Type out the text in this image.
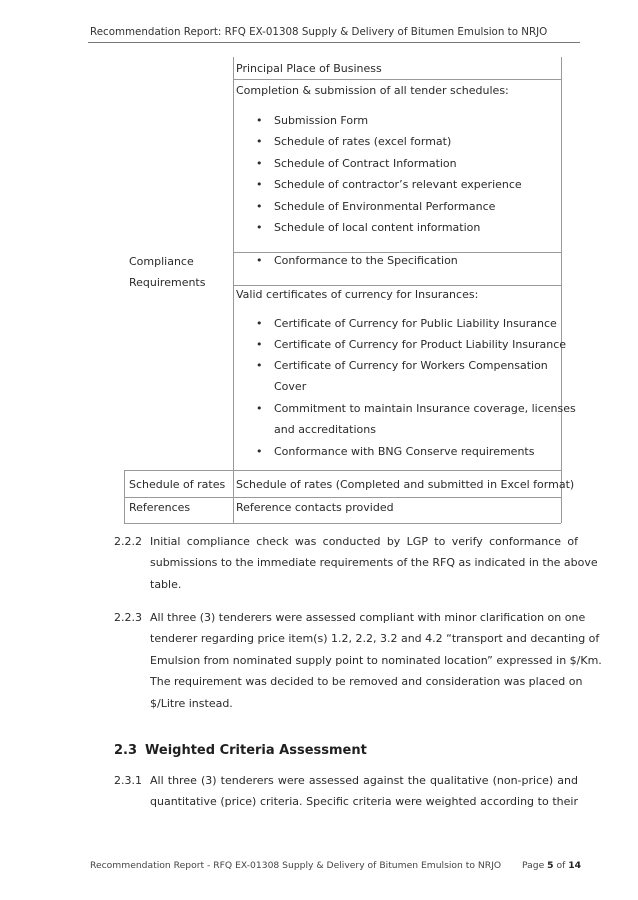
Recommendation Report: RFQ EX-01308 Supply & Delivery of Bitumen Emulsion to NRJO
Principal Place of Business
Completion & submission of all tender schedules:
• Submission Form
• Schedule of rates (excel format)
• Schedule of Contract Information
• Schedule of contractor’s relevant experience
• Schedule of Environmental Performance
• Schedule of local content information
Compliance
Requirements
• Conformance to the Specification
Valid certificates of currency for Insurances:
• Certificate of Currency for Public Liability Insurance
• Certificate of Currency for Product Liability Insurance
• Certificate of Currency for Workers Compensation
Cover
• Commitment to maintain Insurance coverage, licenses
and accreditations
• Conformance with BNG Conserve requirements
Schedule of rates Schedule of rates (Completed and submitted in Excel format)
References	Reference contacts provided
2.2.2 Initial compliance check was conducted by LGP to verify conformance of
submissions to the immediate requirements of the RFQ as indicated in the above
table.
2.2.3 All three (3) tenderers were assessed compliant with minor clarification on one
tenderer regarding price item(s) 1.2, 2.2, 3.2 and 4.2 “transport and decanting of
Emulsion from nominated supply point to nominated location” expressed in $/Km.
The requirement was decided to be removed and consideration was placed on
$/Litre instead.
2.3 Weighted Criteria Assessment
2.3.1 All three (3) tenderers were assessed against the qualitative (non-price) and
quantitative (price) criteria. Specific criteria were weighted according to their
Recommendation Report - RFQ EX-01308 Supply & Delivery of Bitumen Emulsion to NRJO Page 5 of 14
